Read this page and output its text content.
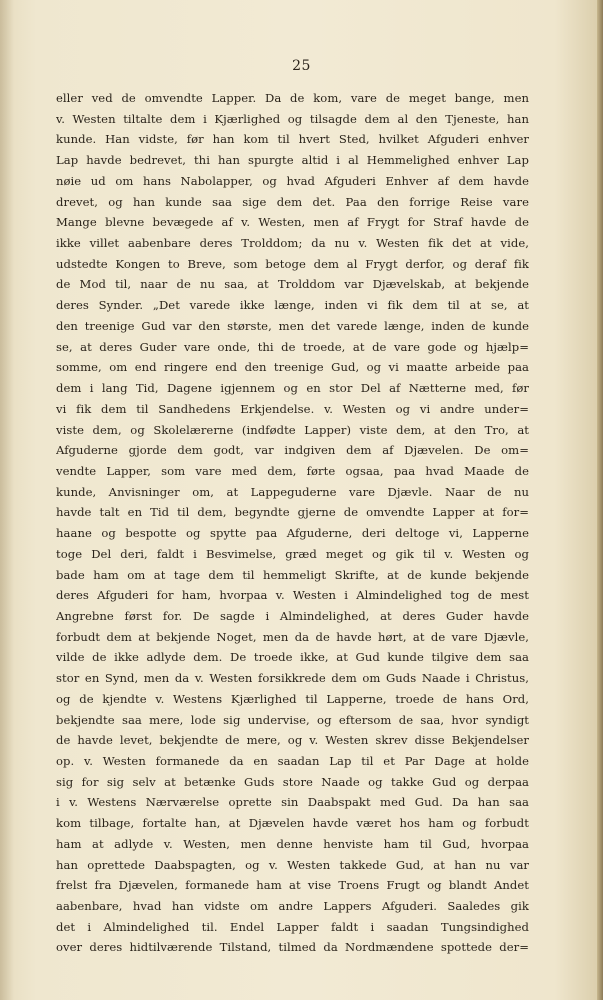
25
eller ved de omvendte Lapper. Da de kom, vare de meget bange, men
v. Westen tiltalte dem i Kjærlighed og tilsagde dem al den Tjeneste, han
kunde. Han vidste, før han kom til hvert Sted, hvilket Afguderi enhver
Lap havde bedrevet, thi han spurgte altid i al Hemmelighed enhver Lap
nøie ud om hans Nabolapper, og hvad Afguderi Enhver af dem havde
drevet, og han kunde saa sige dem det. Paa den forrige Reise vare
Mange blevne bevægede af v. Westen, men af Frygt for Straf havde de
ikke villet aabenbare deres Trolddom; da nu v. Westen fik det at vide,
udstedte Kongen to Breve, som betoge dem al Frygt derfor, og deraf fik
de Mod til, naar de nu saa, at Trolddom var Djævelskab, at bekjende
deres Synder. „Det varede ikke længe, inden vi fik dem til at se, at
den treenige Gud var den største, men det varede længe, inden de kunde
se, at deres Guder vare onde, thi de troede, at de vare gode og hjælp=
somme, om end ringere end den treenige Gud, og vi maatte arbeide paa
dem i lang Tid, Dagene igjennem og en stor Del af Nætterne med, før
vi fik dem til Sandhedens Erkjendelse. v. Westen og vi andre under=
viste dem, og Skolelærerne (indfødte Lapper) viste dem, at den Tro, at
Afguderne gjorde dem godt, var indgiven dem af Djævelen. De om=
vendte Lapper, som vare med dem, førte ogsaa, paa hvad Maade de
kunde, Anvisninger om, at Lappeguderne vare Djævle. Naar de nu
havde talt en Tid til dem, begyndte gjerne de omvendte Lapper at for=
haane og bespotte og spytte paa Afguderne, deri deltoge vi, Lapperne
toge Del deri, faldt i Besvimelse, græd meget og gik til v. Westen og
bade ham om at tage dem til hemmeligt Skrifte, at de kunde bekjende
deres Afguderi for ham, hvorpaa v. Westen i Almindelighed tog de mest
Angrebne først for. De sagde i Almindelighed, at deres Guder havde
forbudt dem at bekjende Noget, men da de havde hørt, at de vare Djævle,
vilde de ikke adlyde dem. De troede ikke, at Gud kunde tilgive dem saa
stor en Synd, men da v. Westen forsikkrede dem om Guds Naade i Christus,
og de kjendte v. Westens Kjærlighed til Lapperne, troede de hans Ord,
bekjendte saa mere, lode sig undervise, og eftersom de saa, hvor syndigt
de havde levet, bekjendte de mere, og v. Westen skrev disse Bekjendelser
op. v. Westen formanede da en saadan Lap til et Par Dage at holde
sig for sig selv at betænke Guds store Naade og takke Gud og derpaa
i v. Westens Nærværelse oprette sin Daabspakt med Gud. Da han saa
kom tilbage, fortalte han, at Djævelen havde været hos ham og forbudt
ham at adlyde v. Westen, men denne henviste ham til Gud, hvorpaa
han oprettede Daabspagten, og v. Westen takkede Gud, at han nu var
frelst fra Djævelen, formanede ham at vise Troens Frugt og blandt Andet
aabenbare, hvad han vidste om andre Lappers Afguderi. Saaledes gik
det i Almindelighed til. Endel Lapper faldt i saadan Tungsindighed
over deres hidtilværende Tilstand, tilmed da Nordmændene spottede der=
